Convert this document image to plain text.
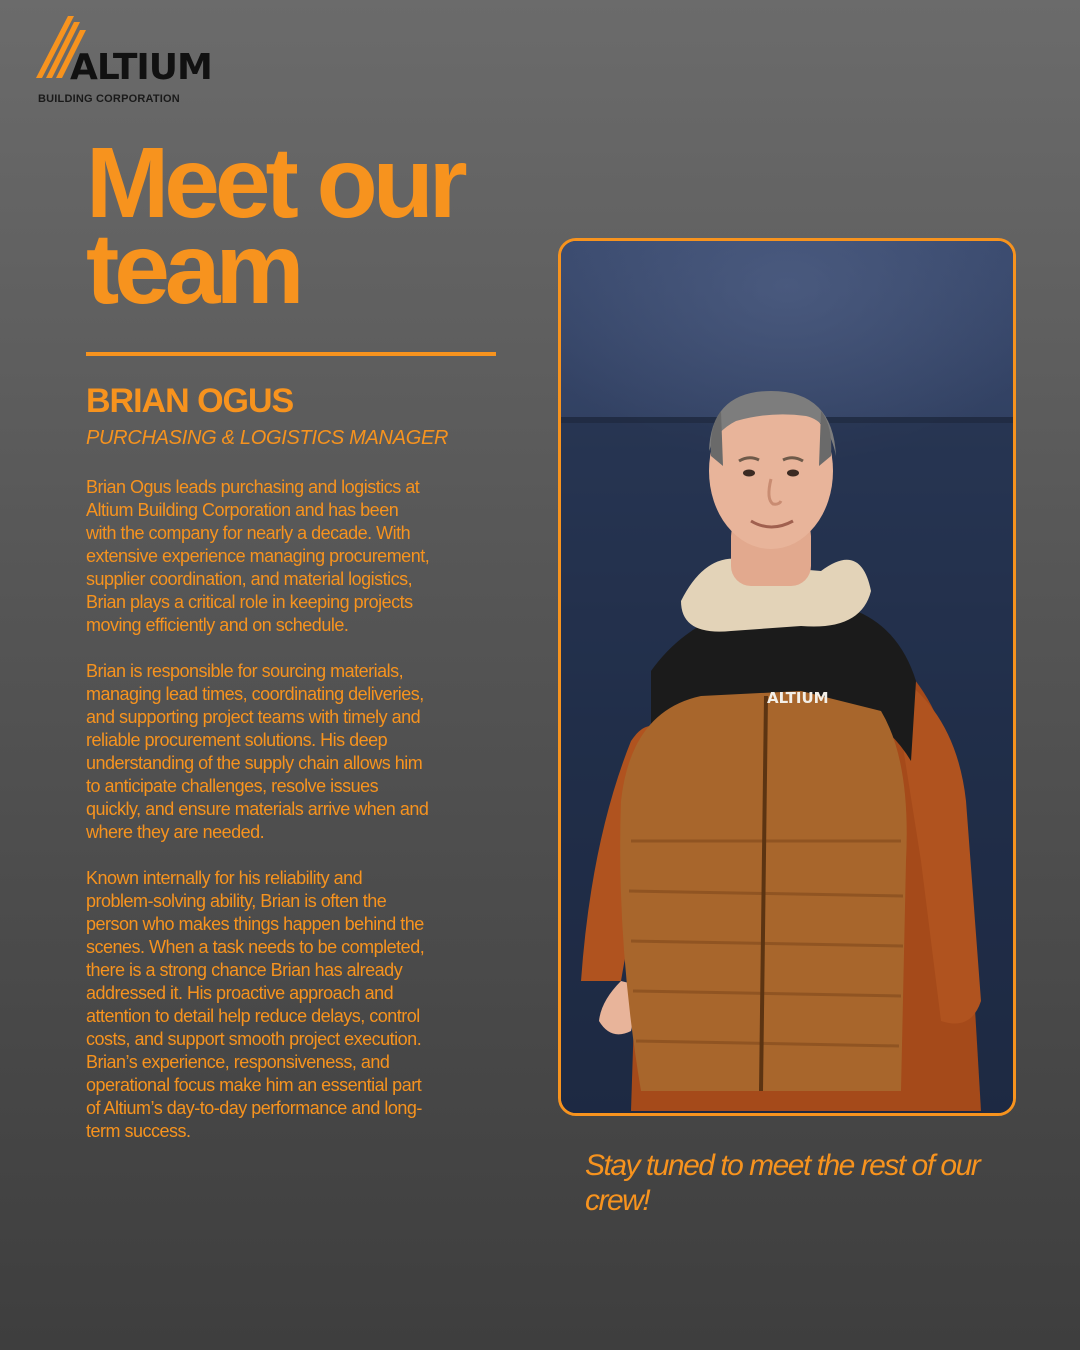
ALTIUM
BUILDING CORPORATION
Meet our team
BRIAN OGUS
PURCHASING & LOGISTICS MANAGER

Brian Ogus leads purchasing and logistics at Altium Building Corporation and has been with the company for nearly a decade. With extensive experience managing procurement, supplier coordination, and material logistics, Brian plays a critical role in keeping projects moving efficiently and on schedule.

Brian is responsible for sourcing materials, managing lead times, coordinating deliveries, and supporting project teams with timely and reliable procurement solutions. His deep understanding of the supply chain allows him to anticipate challenges, resolve issues quickly, and ensure materials arrive when and where they are needed.

Known internally for his reliability and problem-solving ability, Brian is often the person who makes things happen behind the scenes. When a task needs to be completed, there is a strong chance Brian has already addressed it. His proactive approach and attention to detail help reduce delays, control costs, and support smooth project execution. Brian’s experience, responsiveness, and operational focus make him an essential part of Altium’s day-to-day performance and long-term success.

ALTIUM

Stay tuned to meet the rest of our crew!
